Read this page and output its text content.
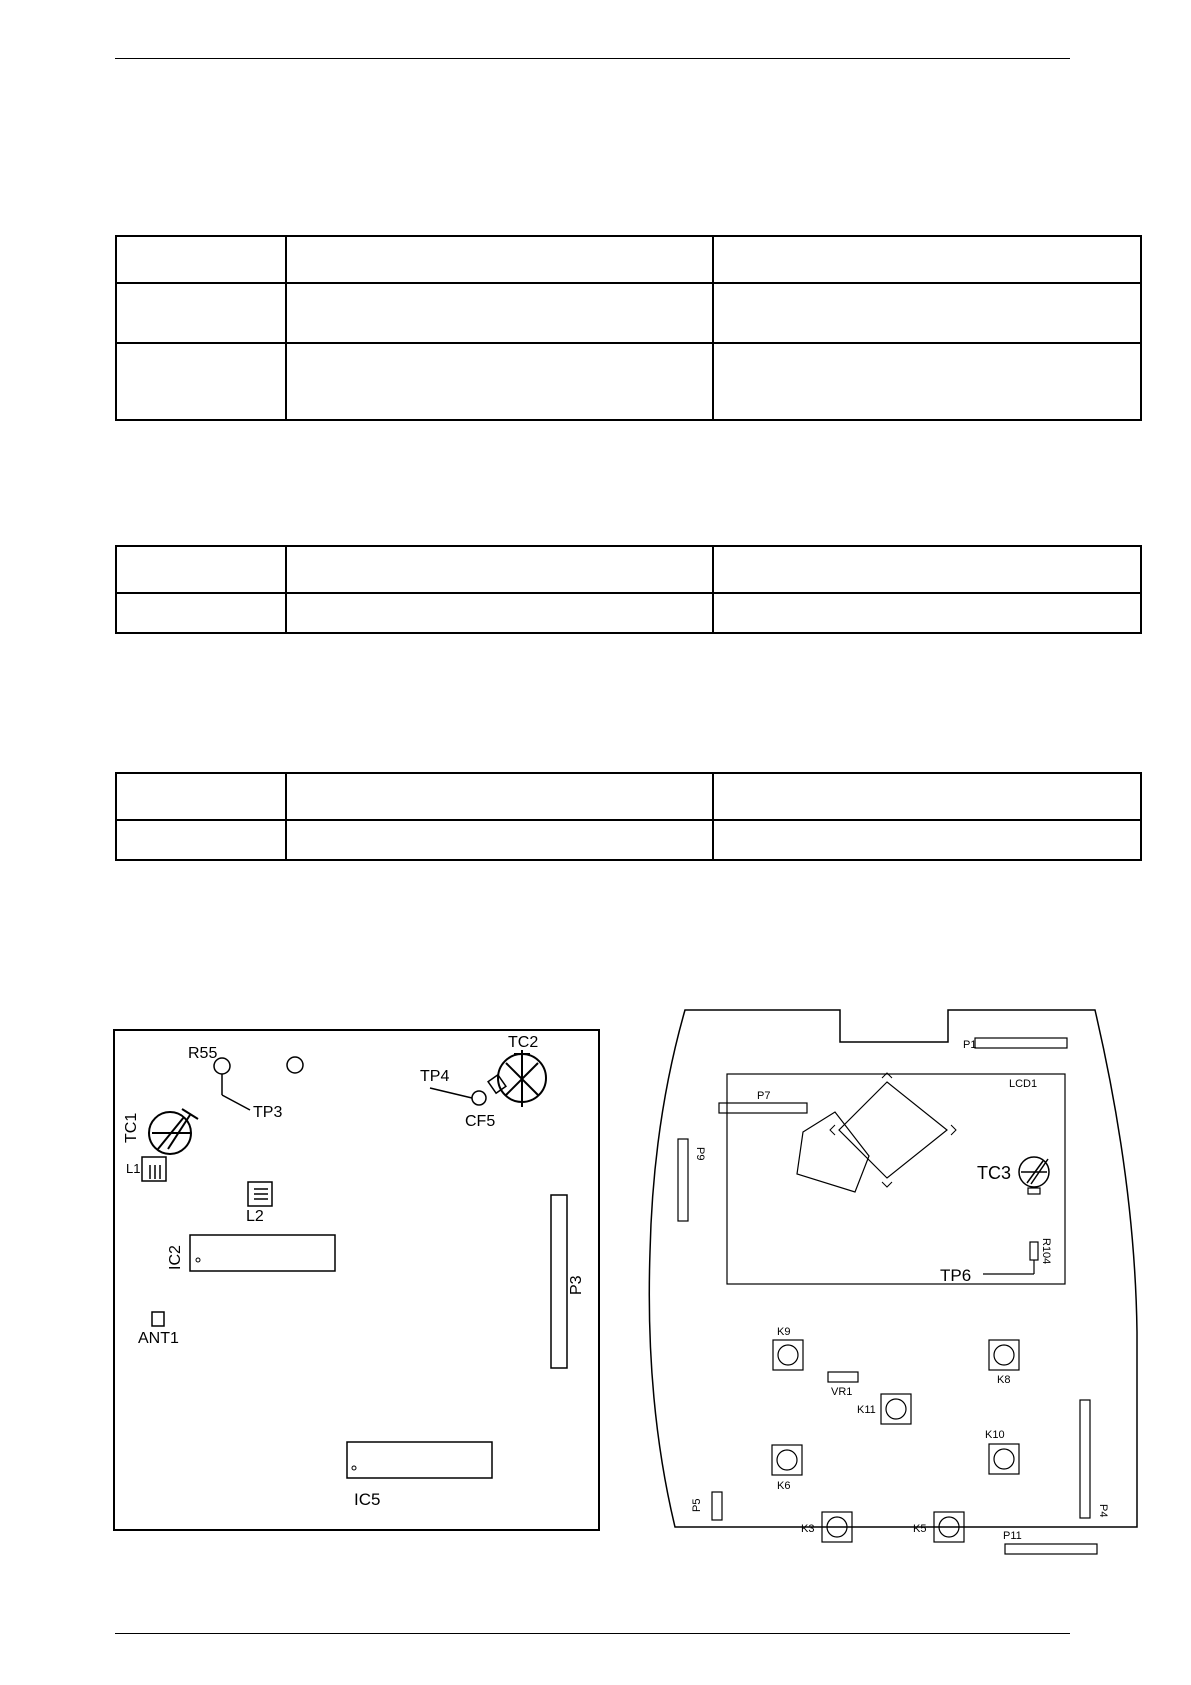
R55
TP3
TC2
TP4
CF5
TC1
L1
L2
IC2
ANT1
P3
IC5
P1
LCD1
P7
P9
TC3
R104
TP6
K9
K8
VR1
K11
P4
K10
K6
P5
K3	K5
P11
